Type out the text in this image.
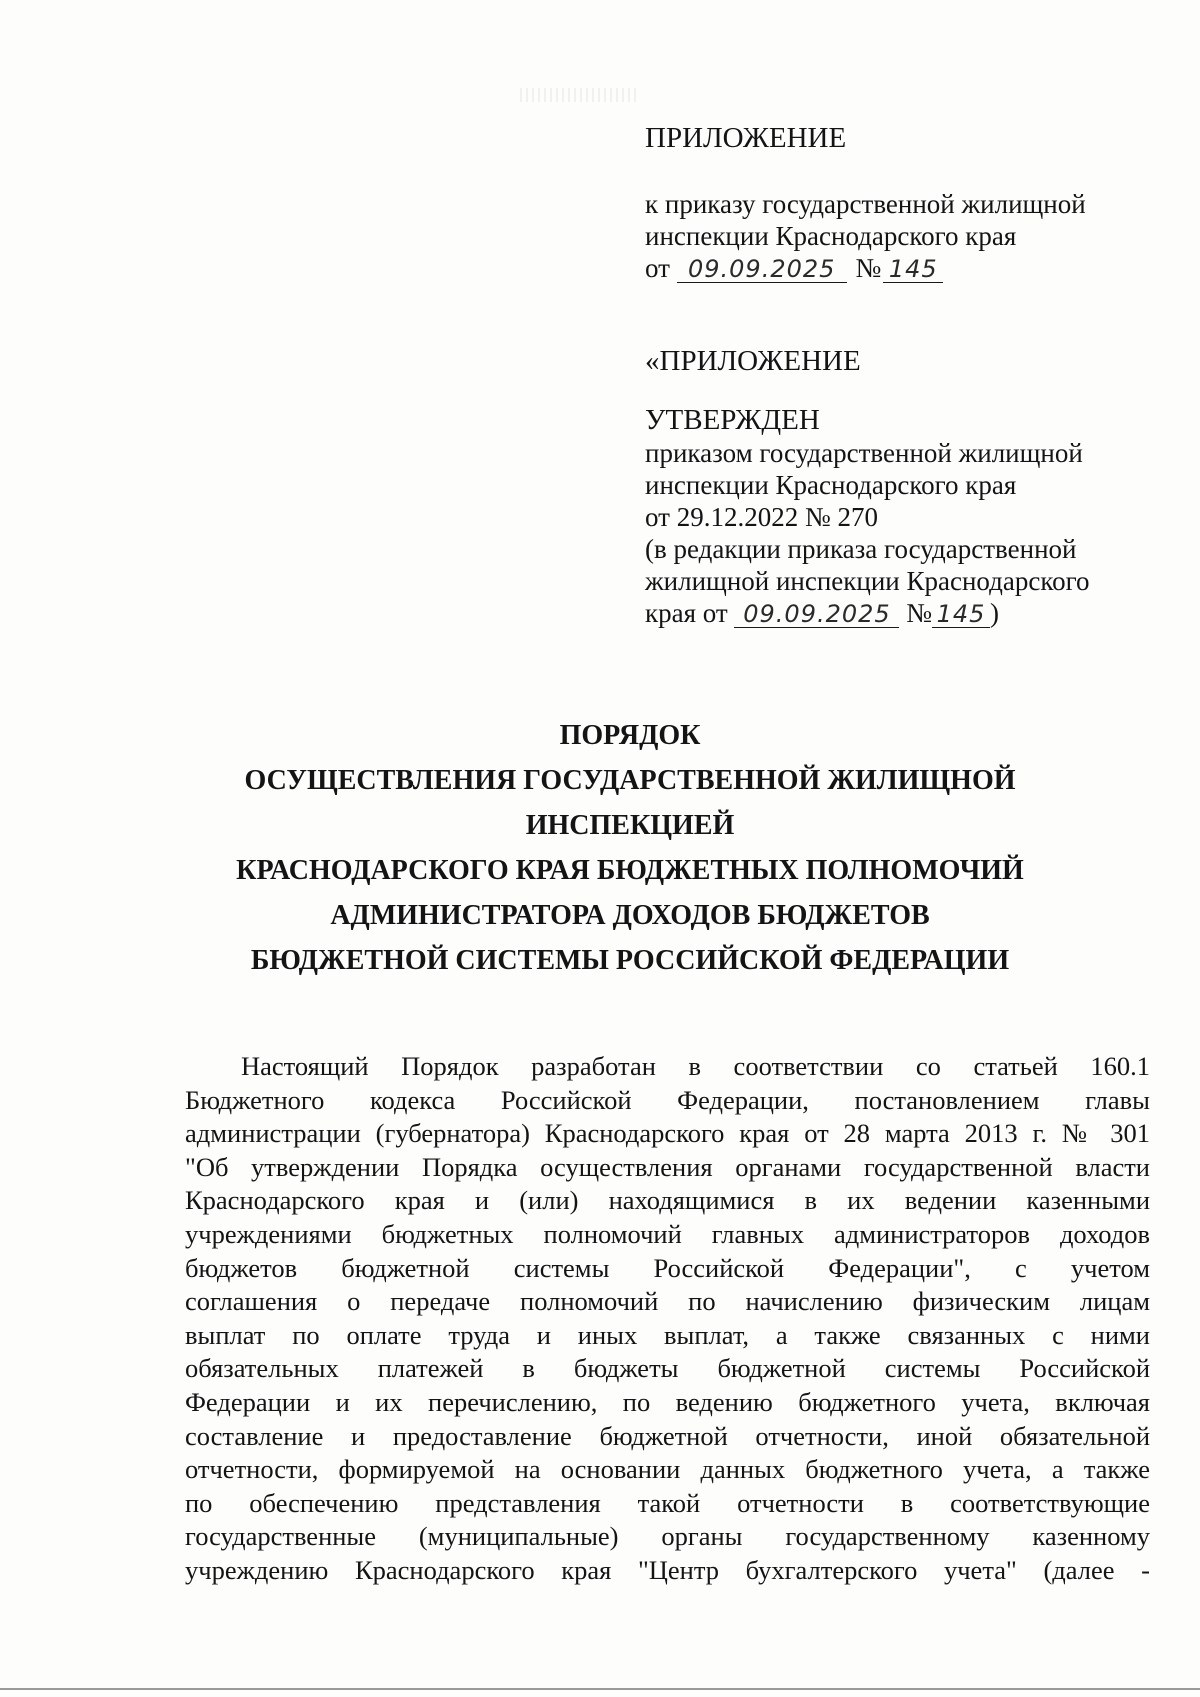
ПРИЛОЖЕНИЕ
к приказу государственной жилищной
инспекции Краснодарского края
от 09.09.2025 № 145
«ПРИЛОЖЕНИЕ
УТВЕРЖДЕН
приказом государственной жилищной
инспекции Краснодарского края
от 29.12.2022 № 270
(в редакции приказа государственной
жилищной инспекции Краснодарского
края от 09.09.2025 № 145 )
ПОРЯДОК
ОСУЩЕСТВЛЕНИЯ ГОСУДАРСТВЕННОЙ ЖИЛИЩНОЙ
ИНСПЕКЦИЕЙ
КРАСНОДАРСКОГО КРАЯ БЮДЖЕТНЫХ ПОЛНОМОЧИЙ
АДМИНИСТРАТОРА ДОХОДОВ БЮДЖЕТОВ
БЮДЖЕТНОЙ СИСТЕМЫ РОССИЙСКОЙ ФЕДЕРАЦИИ
Настоящий Порядок разработан в соответствии со статьей 160.1
Бюджетного кодекса Российской Федерации, постановлением главы
администрации (губернатора) Краснодарского края от 28 марта 2013 г. № 301
"Об утверждении Порядка осуществления органами государственной власти
Краснодарского края и (или) находящимися в их ведении казенными
учреждениями бюджетных полномочий главных администраторов доходов
бюджетов бюджетной системы Российской Федерации", с учетом
соглашения о передаче полномочий по начислению физическим лицам
выплат по оплате труда и иных выплат, а также связанных с ними
обязательных платежей в бюджеты бюджетной системы Российской
Федерации и их перечислению, по ведению бюджетного учета, включая
составление и предоставление бюджетной отчетности, иной обязательной
отчетности, формируемой на основании данных бюджетного учета, а также
по обеспечению представления такой отчетности в соответствующие
государственные (муниципальные) органы государственному казенному
учреждению Краснодарского края "Центр бухгалтерского учета" (далее -
